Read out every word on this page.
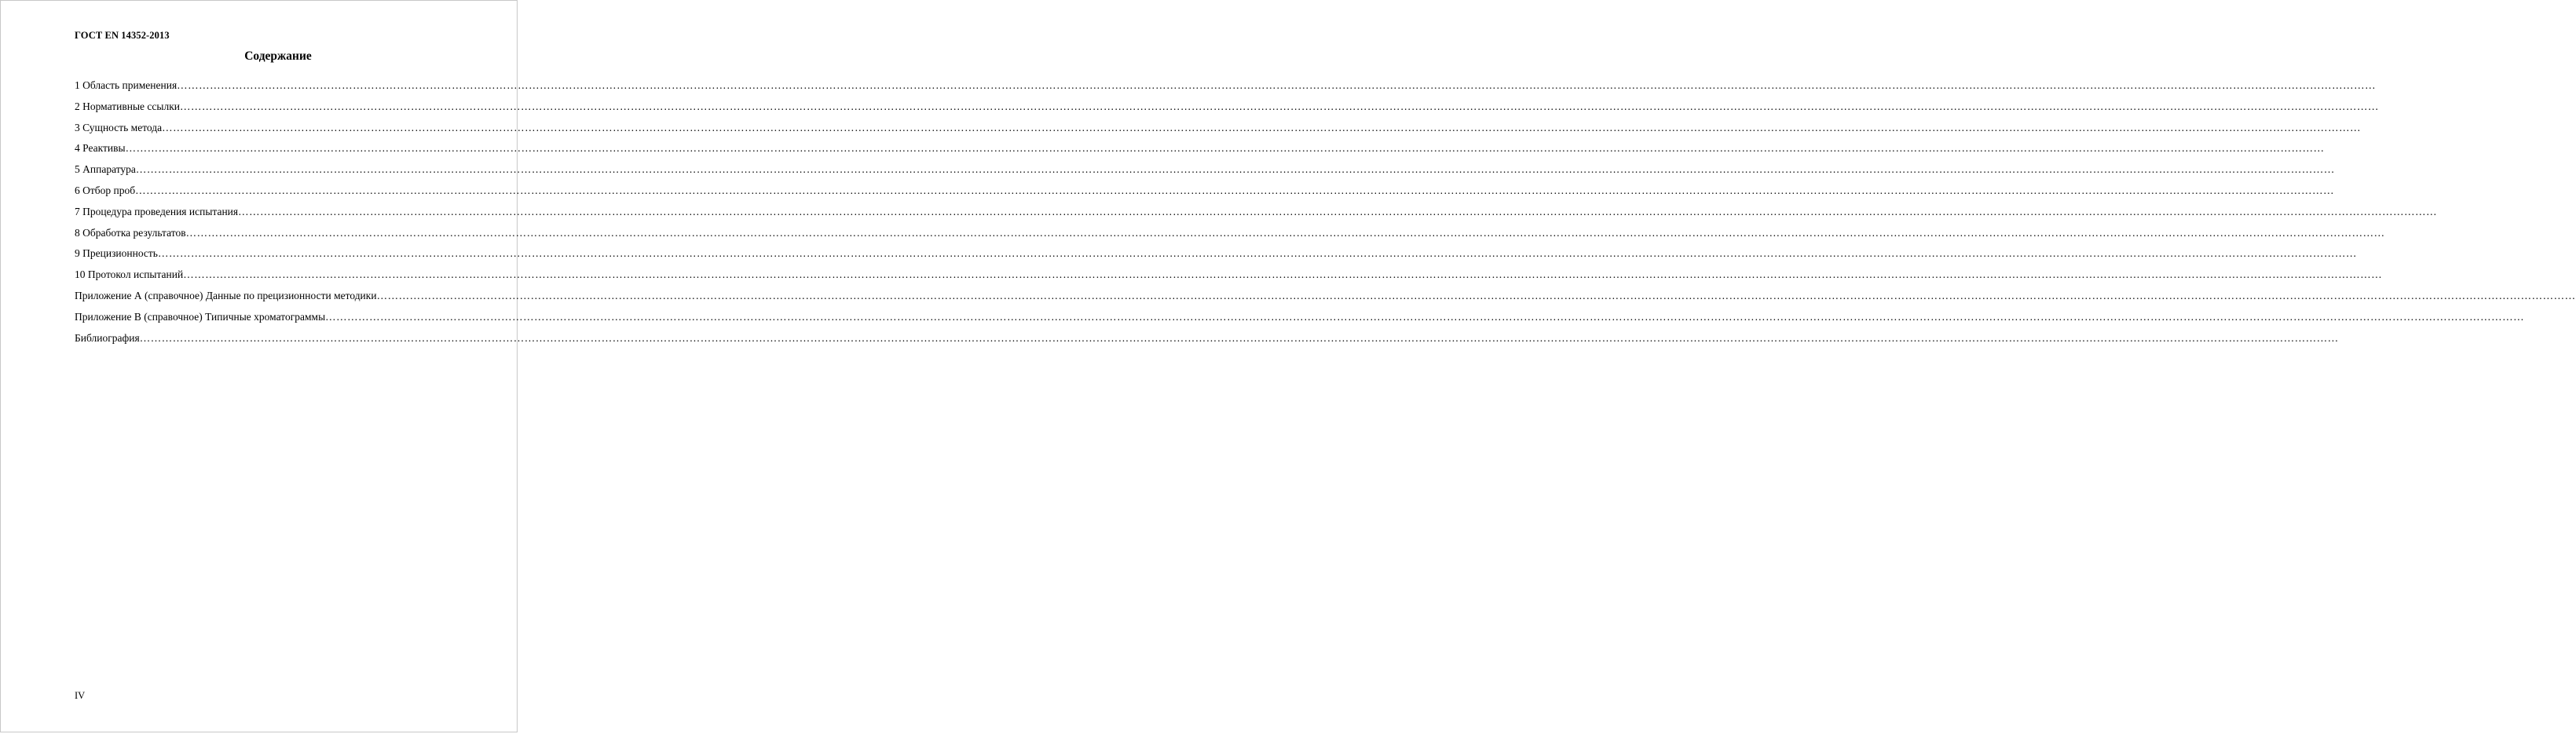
ГОСТ EN 14352-2013
Содержание
1 Область применения ……………………………………………………………………………………………………………………………………………………………………………………………………………………………………………………………………………………………………………………………………………………………………………………………………………………………………………………………………………………………………………………………………………………
2 Нормативные ссылки ……………………………………………………………………………………………………………………………………………………………………………………………………………………………………………………………………………………………………………………………………………………………………………………………………………………………………………………………………………………………………………………………………………………
3 Сущность метода ……………………………………………………………………………………………………………………………………………………………………………………………………………………………………………………………………………………………………………………………………………………………………………………………………………………………………………………………………………………………………………………………………………………
4 Реактивы ……………………………………………………………………………………………………………………………………………………………………………………………………………………………………………………………………………………………………………………………………………………………………………………………………………………………………………………………………………………………………………………………………………………
5 Аппаратура ……………………………………………………………………………………………………………………………………………………………………………………………………………………………………………………………………………………………………………………………………………………………………………………………………………………………………………………………………………………………………………………………………………………
6 Отбор проб ……………………………………………………………………………………………………………………………………………………………………………………………………………………………………………………………………………………………………………………………………………………………………………………………………………………………………………………………………………………………………………………………………………………
7 Процедура проведения испытания ……………………………………………………………………………………………………………………………………………………………………………………………………………………………………………………………………………………………………………………………………………………………………………………………………………………………………………………………………………………………………………………………………………………
8 Обработка результатов ……………………………………………………………………………………………………………………………………………………………………………………………………………………………………………………………………………………………………………………………………………………………………………………………………………………………………………………………………………………………………………………………………………………
9 Прецизионность ……………………………………………………………………………………………………………………………………………………………………………………………………………………………………………………………………………………………………………………………………………………………………………………………………………………………………………………………………………………………………………………………………………………
10 Протокол испытаний ……………………………………………………………………………………………………………………………………………………………………………………………………………………………………………………………………………………………………………………………………………………………………………………………………………………………………………………………………………………………………………………………………………………
Приложение А (справочное) Данные по прецизионности методики ……………………………………………………………………………………………………………………………………………………………………………………………………………………………………………………………………………………………………………………………………………………………………………………………………………………………………………………………………………………………………………………………………………………
Приложение В (справочное) Типичные хроматограммы ……………………………………………………………………………………………………………………………………………………………………………………………………………………………………………………………………………………………………………………………………………………………………………………………………………………………………………………………………………………………………………………………………………………
Библиография ……………………………………………………………………………………………………………………………………………………………………………………………………………………………………………………………………………………………………………………………………………………………………………………………………………………………………………………………………………………………………………………………………………………
IV
